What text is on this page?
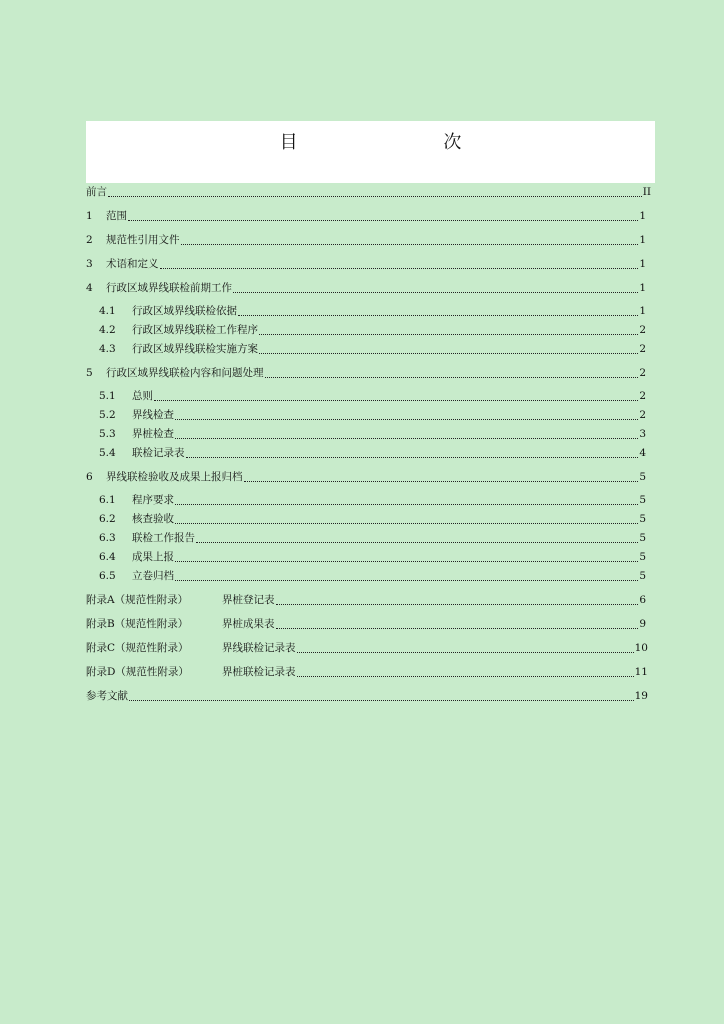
目 次
前言	II
1	范围	1
2	规范性引用文件	1
3	术语和定义	1
4	行政区域界线联检前期工作	1
4.1	行政区域界线联检依据	1
4.2	行政区域界线联检工作程序	2
4.3	行政区域界线联检实施方案	2
5	行政区域界线联检内容和问题处理	2
5.1	总则	2
5.2	界线检查	2
5.3	界桩检查	3
5.4	联检记录表	4
6	界线联检验收及成果上报归档	5
6.1	程序要求	5
6.2	核查验收	5
6.3	联检工作报告	5
6.4	成果上报	5
6.5	立卷归档	5
附录A（规范性附录）	界桩登记表	6
附录B（规范性附录）	界桩成果表	9
附录C（规范性附录）	界线联检记录表	10
附录D（规范性附录）	界桩联检记录表	11
参考文献	19
